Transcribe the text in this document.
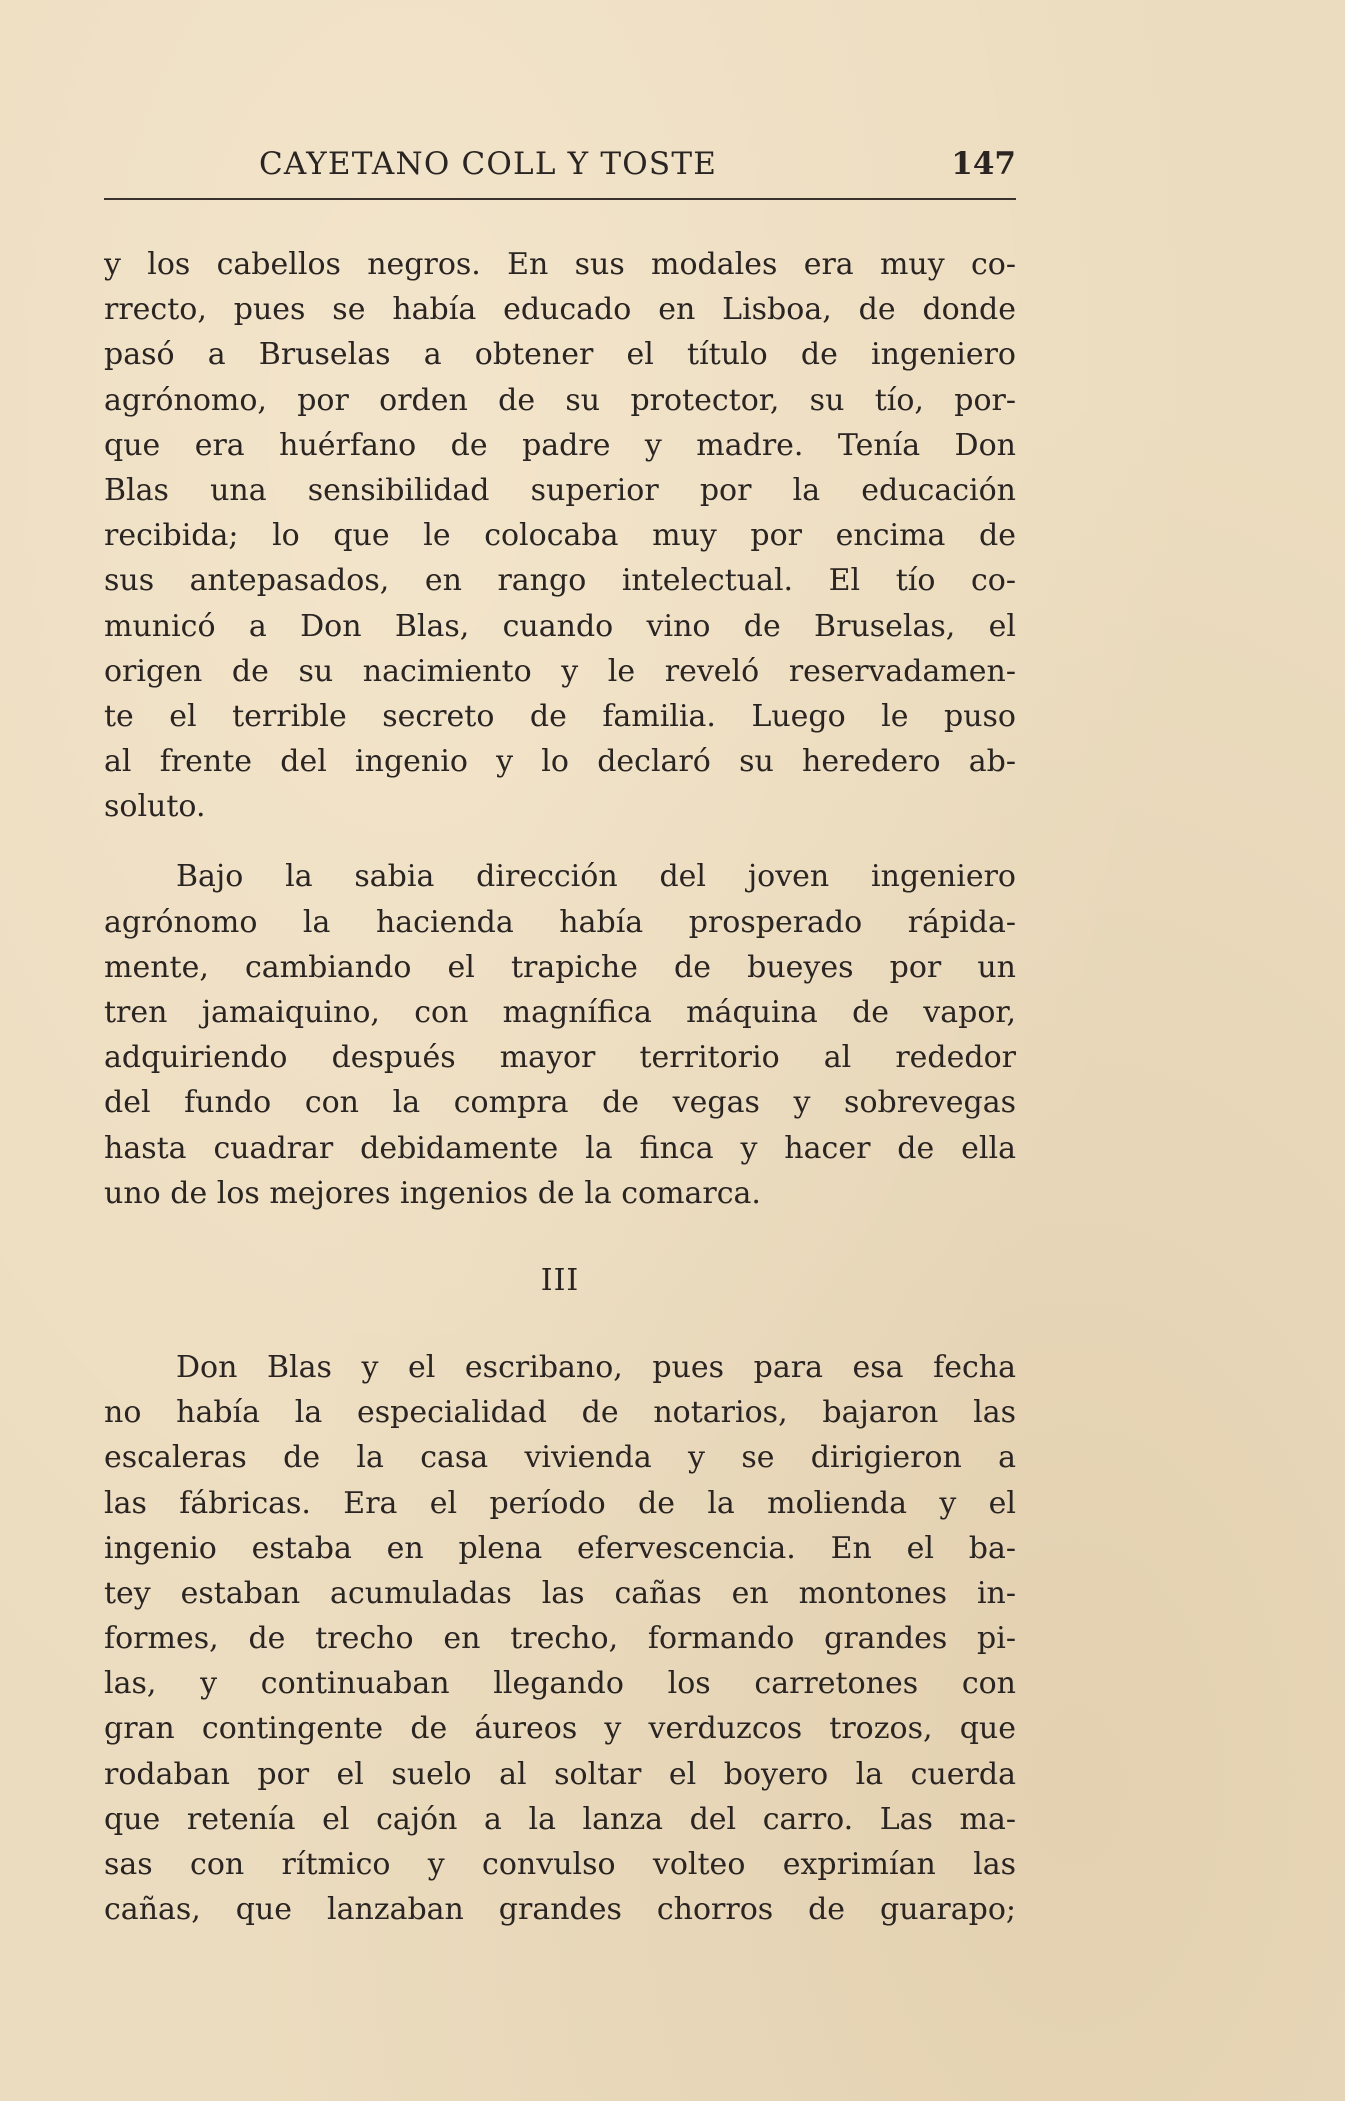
CAYETANO COLL Y TOSTE	147
y los cabellos negros. En sus modales era muy co-
rrecto, pues se había educado en Lisboa, de donde
pasó a Bruselas a obtener el título de ingeniero
agrónomo, por orden de su protector, su tío, por-
que era huérfano de padre y madre. Tenía Don
Blas una sensibilidad superior por la educación
recibida; lo que le colocaba muy por encima de
sus antepasados, en rango intelectual. El tío co-
municó a Don Blas, cuando vino de Bruselas, el
origen de su nacimiento y le reveló reservadamen-
te el terrible secreto de familia. Luego le puso
al frente del ingenio y lo declaró su heredero ab-
soluto.
Bajo la sabia dirección del joven ingeniero
agrónomo la hacienda había prosperado rápida-
mente, cambiando el trapiche de bueyes por un
tren jamaiquino, con magnífica máquina de vapor,
adquiriendo después mayor territorio al rededor
del fundo con la compra de vegas y sobrevegas
hasta cuadrar debidamente la finca y hacer de ella
uno de los mejores ingenios de la comarca.
III
Don Blas y el escribano, pues para esa fecha
no había la especialidad de notarios, bajaron las
escaleras de la casa vivienda y se dirigieron a
las fábricas. Era el período de la molienda y el
ingenio estaba en plena efervescencia. En el ba-
tey estaban acumuladas las cañas en montones in-
formes, de trecho en trecho, formando grandes pi-
las, y continuaban llegando los carretones con
gran contingente de áureos y verduzcos trozos, que
rodaban por el suelo al soltar el boyero la cuerda
que retenía el cajón a la lanza del carro. Las ma-
sas con rítmico y convulso volteo exprimían las
cañas, que lanzaban grandes chorros de guarapo;
